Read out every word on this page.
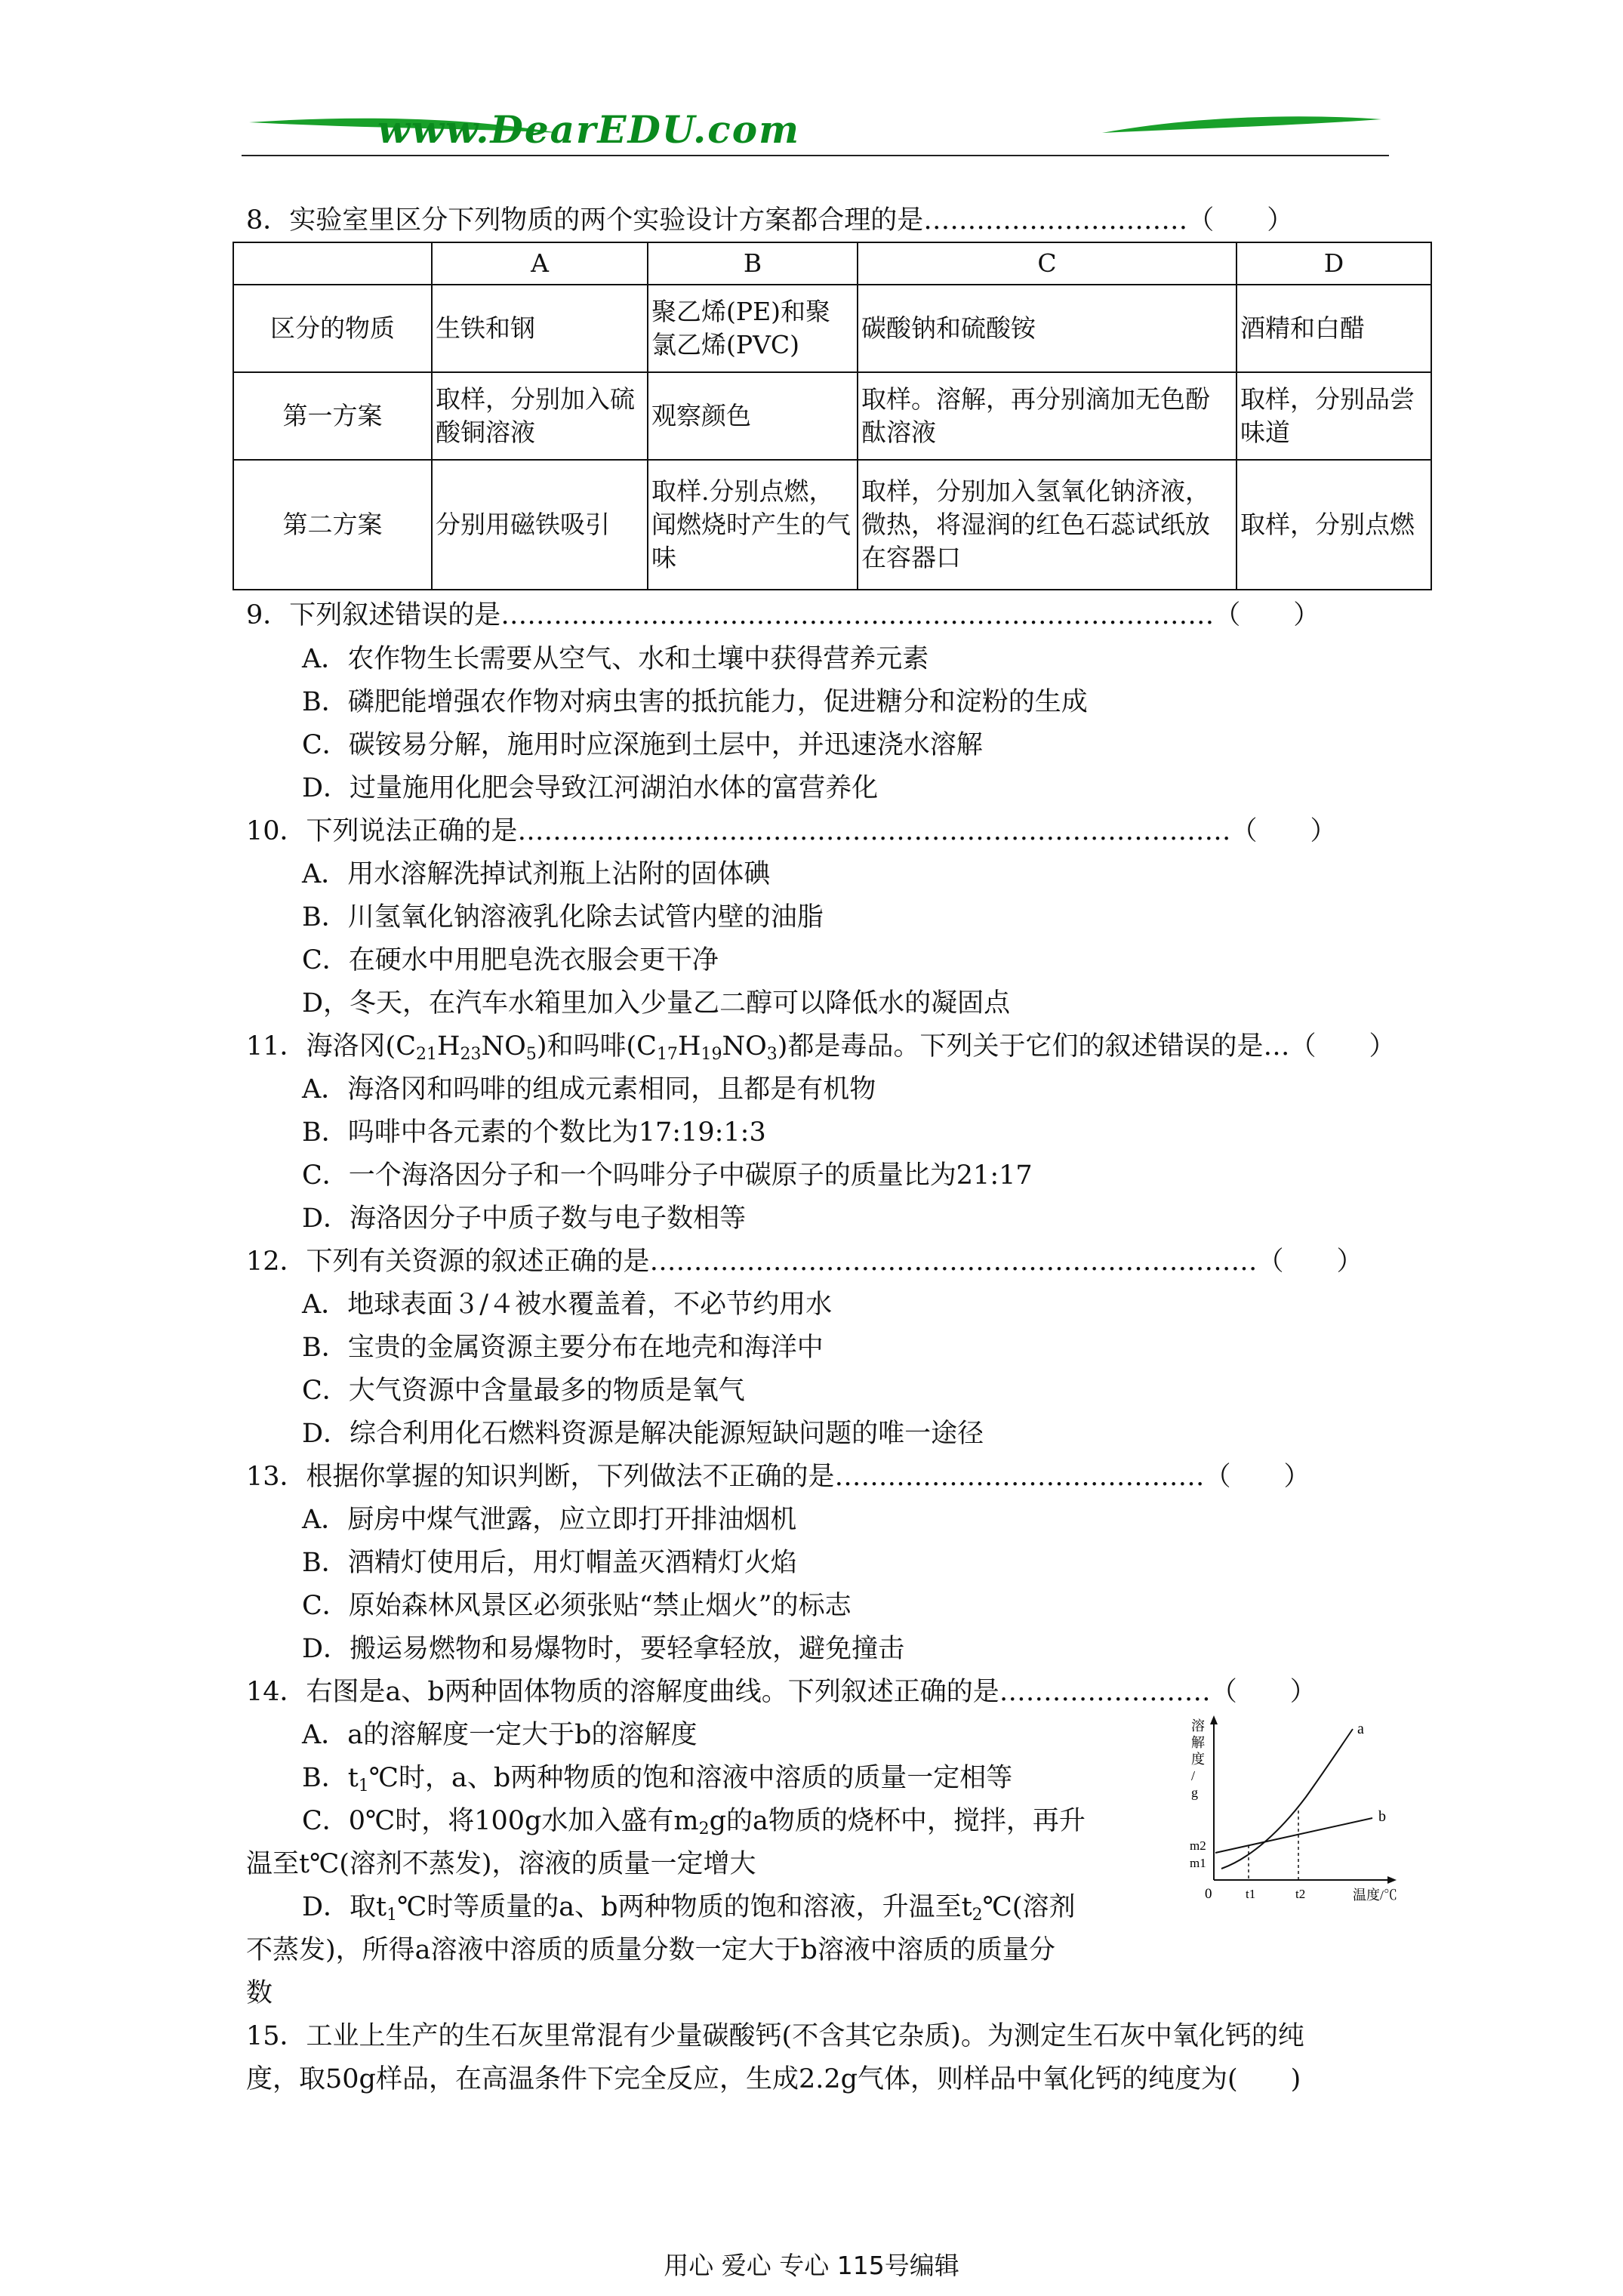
www.DearEDU.com
8．实验室里区分下列物质的两个实验设计方案都合理的是…………………………（　　）
	A	B	C	D
区分的物质	生铁和钢	聚乙烯(PE)和聚氯乙烯(PVC)	碳酸钠和硫酸铵	酒精和白醋
第一方案	取样，分别加入硫酸铜溶液	观察颜色	取样。溶解，再分别滴加无色酚酞溶液	取样，分别品尝味道
第二方案	分别用磁铁吸引	取样.分别点燃，闻燃烧时产生的气味	取样，分别加入氢氧化钠济液，微热，将湿润的红色石蕊试纸放在容器口	取样，分别点燃
9．下列叙述错误的是………………………………………………………………………（　　）
A．农作物生长需要从空气、水和土壤中获得营养元素
B．磷肥能增强农作物对病虫害的抵抗能力，促进糖分和淀粉的生成
C．碳铵易分解，施用时应深施到土层中，并迅速浇水溶解
D．过量施用化肥会导致江河湖泊水体的富营养化
10．下列说法正确的是………………………………………………………………………（　　）
A．用水溶解洗掉试剂瓶上沾附的固体碘
B．川氢氧化钠溶液乳化除去试管内壁的油脂
C．在硬水中用肥皂洗衣服会更干净
D，冬天，在汽车水箱里加入少量乙二醇可以降低水的凝固点
11．海洛冈$(C_{21}H_{23}NO_5)$和吗啡$(C_{17}H_{19}NO_3)$都是毒品。下列关于它们的叙述错误的是…（　　）
A．海洛冈和吗啡的组成元素相同，且都是有机物
B．吗啡中各元素的个数比为17:19:1:3
C．一个海洛因分子和一个吗啡分子中碳原子的质量比为21:17
D．海洛因分子中质子数与电子数相等
12．下列有关资源的叙述正确的是……………………………………………………………（　　）
A．地球表面３/４被水覆盖着，不必节约用水
B．宝贵的金属资源主要分布在地壳和海洋中
C．大气资源中含量最多的物质是氧气
D．综合利用化石燃料资源是解决能源短缺问题的唯一途径
13．根据你掌握的知识判断，下列做法不正确的是……………………………………（　　）
A．厨房中煤气泄露，应立即打开排油烟机
B．酒精灯使用后，用灯帽盖灭酒精灯火焰
C．原始森林风景区必须张贴“禁止烟火”的标志
D．搬运易燃物和易爆物时，要轻拿轻放，避免撞击
14．右图是a、b两种固体物质的溶解度曲线。下列叙述正确的是……………………（　　）
A．a的溶解度一定大于b的溶解度
B．$t_1℃$时，a、b两种物质的饱和溶液中溶质的质量一定相等
C．0℃时，将100g水加入盛有$m_2g$的a物质的烧杯中，搅拌，再升
温至t℃(溶剂不蒸发)，溶液的质量一定增大
D．取$t_1℃$时等质量的a、b两种物质的饱和溶液，升温至$t_2℃$(溶剂
不蒸发)，所得a溶液中溶质的质量分数一定大于b溶液中溶质的质量分
数
溶
解
度
/
g
温度/℃
0	t1	t2
m2
m1
a
b
15．工业上生产的生石灰里常混有少量碳酸钙(不含其它杂质)。为测定生石灰中氧化钙的纯
度，取50g样品，在高温条件下完全反应，生成2.2g气体，则样品中氧化钙的纯度为(　　)
用心 爱心 专心 115号编辑
